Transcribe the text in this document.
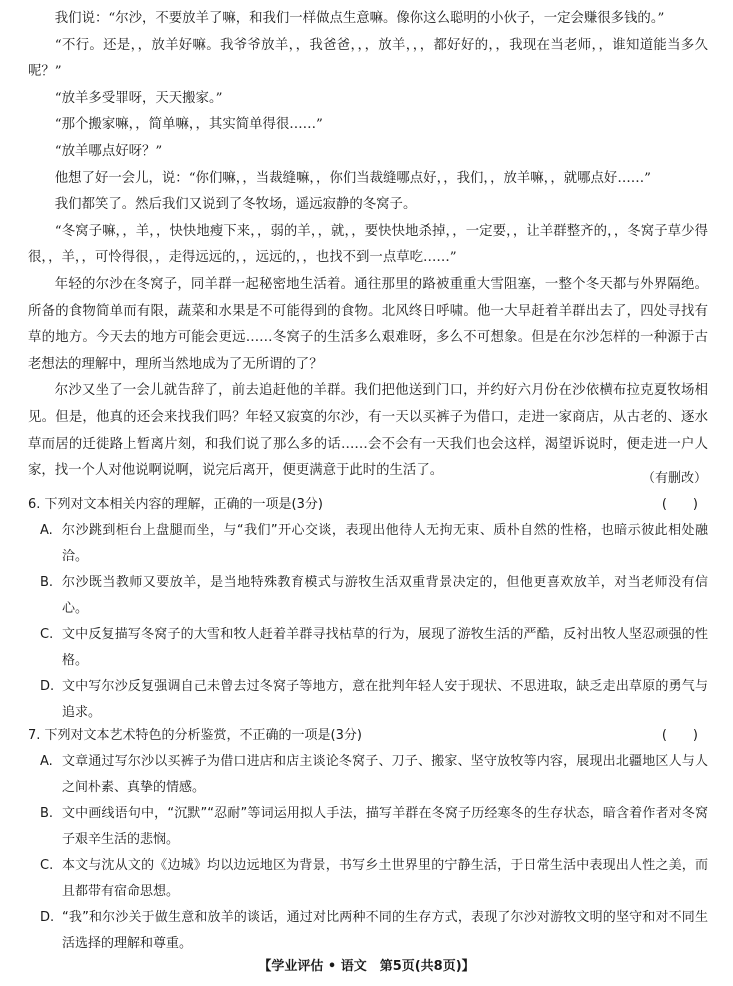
我们说：“尔沙，不要放羊了嘛，和我们一样做点生意嘛。像你这么聪明的小伙子，一定会赚很多钱的。”

“不行。还是，，放羊好嘛。我爷爷放羊，，我爸爸，，，放羊，，，都好好的，，我现在当老师，，谁知道能当多久呢？”

“放羊多受罪呀，天天搬家。”

“那个搬家嘛，，简单嘛，，其实简单得很……”

“放羊哪点好呀？”

他想了好一会儿，说：“你们嘛，，当裁缝嘛，，你们当裁缝哪点好，，我们，，放羊嘛，，就哪点好……”

我们都笑了。然后我们又说到了冬牧场，遥远寂静的冬窝子。

“冬窝子嘛，，羊，，快快地瘦下来，，弱的羊，，就，，要快快地杀掉，，一定要，，让羊群整齐的，，冬窝子草少得很，，羊，，可怜得很，，走得远远的，，远远的，，也找不到一点草吃……”

年轻的尔沙在冬窝子，同羊群一起秘密地生活着。通往那里的路被重重大雪阻塞，一整个冬天都与外界隔绝。所备的食物简单而有限，蔬菜和水果是不可能得到的食物。北风终日呼啸。他一大早赶着羊群出去了，四处寻找有草的地方。今天去的地方可能会更远……冬窝子的生活多么艰难呀，多么不可想象。但是在尔沙怎样的一种源于古老想法的理解中，理所当然地成为了无所谓的了？

尔沙又坐了一会儿就告辞了，前去追赶他的羊群。我们把他送到门口，并约好六月份在沙依横布拉克夏牧场相见。但是，他真的还会来找我们吗？年轻又寂寞的尔沙，有一天以买裤子为借口，走进一家商店，从古老的、逐水草而居的迁徙路上暂离片刻，和我们说了那么多的话……会不会有一天我们也会这样，渴望诉说时，便走进一户人家，找一个人对他说啊说啊，说完后离开，便更满意于此时的生活了。

（有删改）
6. 下列对文本相关内容的理解，正确的一项是(3分)	(　　)
A. 尔沙跳到柜台上盘腿而坐，与“我们”开心交谈，表现出他待人无拘无束、质朴自然的性格，也暗示彼此相处融洽。
B. 尔沙既当教师又要放羊，是当地特殊教育模式与游牧生活双重背景决定的，但他更喜欢放羊，对当老师没有信心。
C. 文中反复描写冬窝子的大雪和牧人赶着羊群寻找枯草的行为，展现了游牧生活的严酷，反衬出牧人坚忍顽强的性格。
D. 文中写尔沙反复强调自己未曾去过冬窝子等地方，意在批判年轻人安于现状、不思进取，缺乏走出草原的勇气与追求。
7. 下列对文本艺术特色的分析鉴赏，不正确的一项是(3分)	(　　)
A. 文章通过写尔沙以买裤子为借口进店和店主谈论冬窝子、刀子、搬家、坚守放牧等内容，展现出北疆地区人与人之间朴素、真挚的情感。
B. 文中画线语句中，“沉默”“忍耐”等词运用拟人手法，描写羊群在冬窝子历经寒冬的生存状态，暗含着作者对冬窝子艰辛生活的悲悯。
C. 本文与沈从文的《边城》均以边远地区为背景，书写乡土世界里的宁静生活，于日常生活中表现出人性之美，而且都带有宿命思想。
D. “我”和尔沙关于做生意和放羊的谈话，通过对比两种不同的生存方式，表现了尔沙对游牧文明的坚守和对不同生活选择的理解和尊重。
【学业评估 • 语文　第5页(共8页)】
